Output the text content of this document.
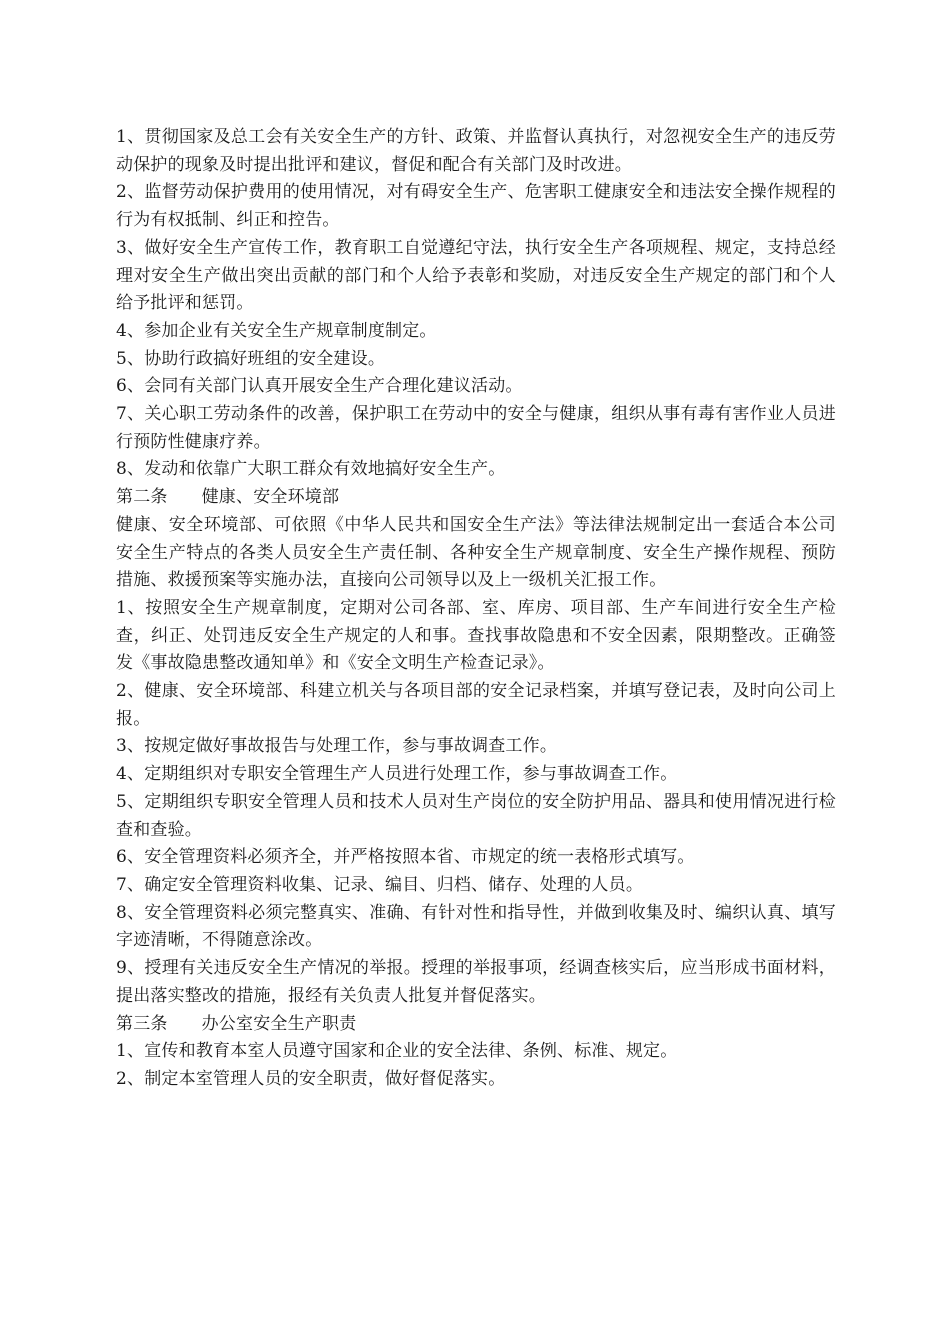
1、贯彻国家及总工会有关安全生产的方针、政策、并监督认真执行，对忽视安全生产的违反劳动保护的现象及时提出批评和建议，督促和配合有关部门及时改进。

2、监督劳动保护费用的使用情况，对有碍安全生产、危害职工健康安全和违法安全操作规程的行为有权抵制、纠正和控告。

3、做好安全生产宣传工作，教育职工自觉遵纪守法，执行安全生产各项规程、规定，支持总经理对安全生产做出突出贡献的部门和个人给予表彰和奖励，对违反安全生产规定的部门和个人给予批评和惩罚。

4、参加企业有关安全生产规章制度制定。

5、协助行政搞好班组的安全建设。

6、会同有关部门认真开展安全生产合理化建议活动。

7、关心职工劳动条件的改善，保护职工在劳动中的安全与健康，组织从事有毒有害作业人员进行预防性健康疗养。

8、发动和依靠广大职工群众有效地搞好安全生产。

第二条 健康、安全环境部

健康、安全环境部、可依照《中华人民共和国安全生产法》等法律法规制定出一套适合本公司安全生产特点的各类人员安全生产责任制、各种安全生产规章制度、安全生产操作规程、预防措施、救援预案等实施办法，直接向公司领导以及上一级机关汇报工作。

1、按照安全生产规章制度，定期对公司各部、室、库房、项目部、生产车间进行安全生产检查，纠正、处罚违反安全生产规定的人和事。查找事故隐患和不安全因素，限期整改。正确签发《事故隐患整改通知单》和《安全文明生产检查记录》。

2、健康、安全环境部、科建立机关与各项目部的安全记录档案，并填写登记表，及时向公司上报。

3、按规定做好事故报告与处理工作，参与事故调查工作。

4、定期组织对专职安全管理生产人员进行处理工作，参与事故调查工作。

5、定期组织专职安全管理人员和技术人员对生产岗位的安全防护用品、器具和使用情况进行检查和查验。

6、安全管理资料必须齐全，并严格按照本省、市规定的统一表格形式填写。

7、确定安全管理资料收集、记录、编目、归档、储存、处理的人员。

8、安全管理资料必须完整真实、准确、有针对性和指导性，并做到收集及时、编织认真、填写字迹清晰，不得随意涂改。

9、授理有关违反安全生产情况的举报。授理的举报事项，经调查核实后，应当形成书面材料，提出落实整改的措施，报经有关负责人批复并督促落实。

第三条 办公室安全生产职责

1、宣传和教育本室人员遵守国家和企业的安全法律、条例、标准、规定。

2、制定本室管理人员的安全职责，做好督促落实。
